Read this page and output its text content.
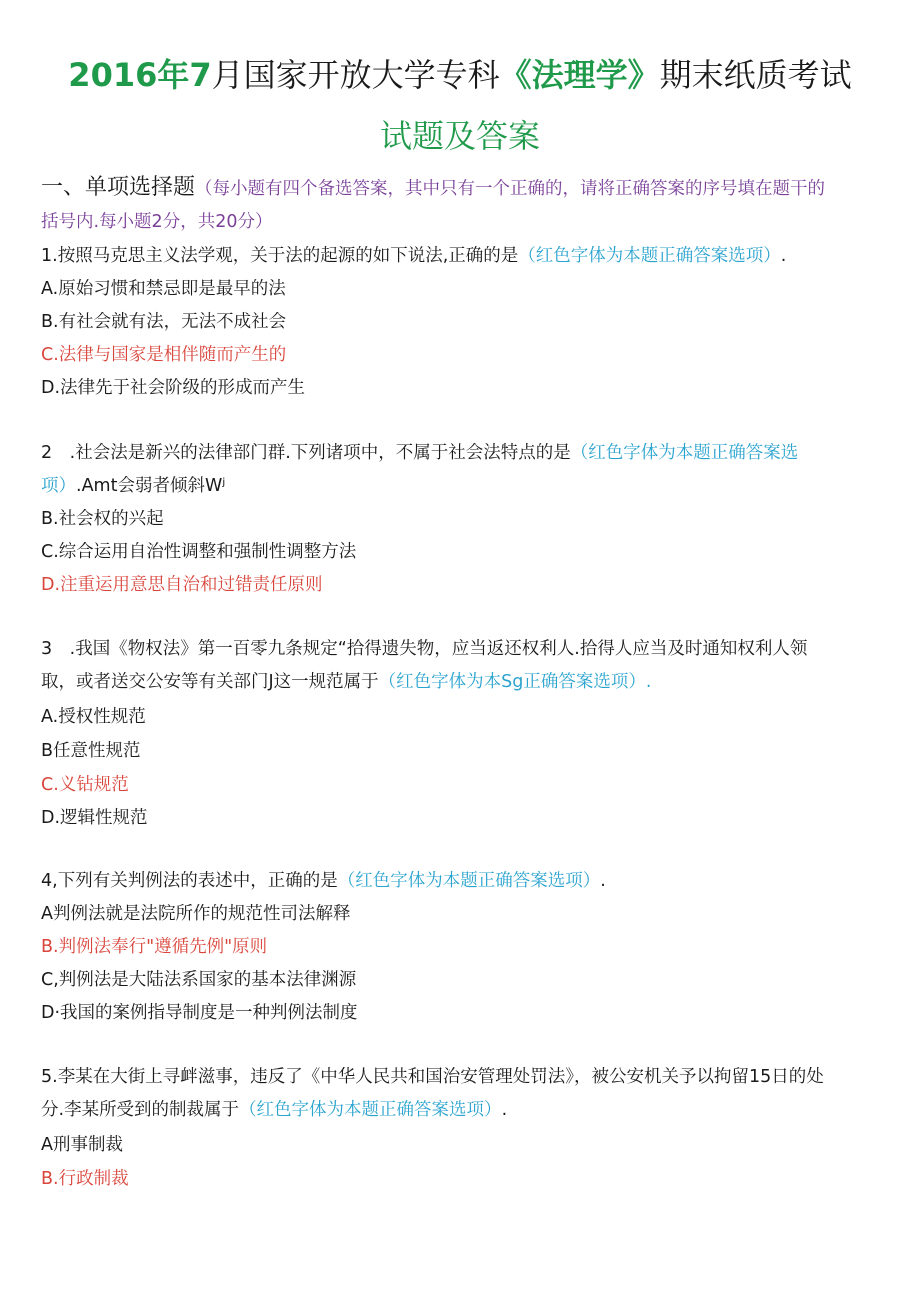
2016年7月国家开放大学专科《法理学》期末纸质考试
试题及答案
一、单项选择题（每小题有四个备选答案，其中只有一个正确的，请将正确答案的序号填在题干的
括号内.每小题2分，共20分）
1.按照马克思主义法学观，关于法的起源的如下说法,正确的是（红色字体为本题正确答案选项）.
A.原始习惯和禁忌即是最早的法
B.有社会就有法，无法不成社会
C.法律与国家是相伴随而产生的
D.法律先于社会阶级的形成而产生
2　.社会法是新兴的法律部门群.下列诸项中，不属于社会法特点的是（红色字体为本题正确答案选
项）.Amt会弱者倾斜Wʲ
B.社会权的兴起
C.综合运用自治性调整和强制性调整方法
D.注重运用意思自治和过错责任原则
3　.我国《物权法》第一百零九条规定“拾得遗失物，应当返还权利人.拾得人应当及时通知权利人领
取，或者送交公安等有关部门J这一规范属于（红色字体为本Sg正确答案选项）.
A.授权性规范
B任意性规范
C.义钻规范
D.逻辑性规范
4,下列有关判例法的表述中，正确的是（红色字体为本题正确答案选项）.
A判例法就是法院所作的规范性司法解释
B.判例法奉行"遵循先例"原则
C,判例法是大陆法系国家的基本法律渊源
D·我国的案例指导制度是一种判例法制度
5.李某在大街上寻衅滋事，违反了《中华人民共和国治安管理处罚法》，被公安机关予以拘留15日的处
分.李某所受到的制裁属于（红色字体为本题正确答案选项）.
A刑事制裁
B.行政制裁
